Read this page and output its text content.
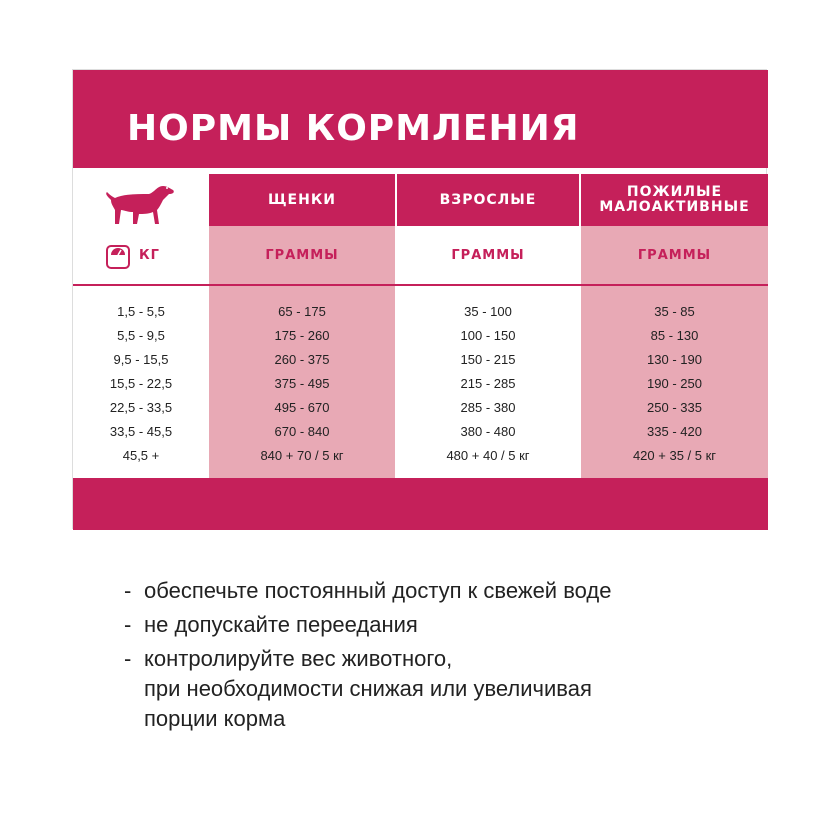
НОРМЫ КОРМЛЕНИЯ
КГ
ЩЕНКИ
ГРАММЫ
65 - 175
175 - 260
260 - 375
375 - 495
495 - 670
670 - 840
840 + 70 / 5 кг
ВЗРОСЛЫЕ
ГРАММЫ
35 - 100
100 - 150
150 - 215
215 - 285
285 - 380
380 - 480
480 + 40 / 5 кг
ПОЖИЛЫЕ
МАЛОАКТИВНЫЕ
ГРАММЫ
35 - 85
85 - 130
130 - 190
190 - 250
250 - 335
335 - 420
420 + 35 / 5 кг
1,5 - 5,5
5,5 - 9,5
9,5 - 15,5
15,5 - 22,5
22,5 - 33,5
33,5 - 45,5
45,5 +
- обеспечьте постоянный доступ к свежей воде
- не допускайте переедания
- контролируйте вес животного,
при необходимости снижая или увеличивая
порции корма
